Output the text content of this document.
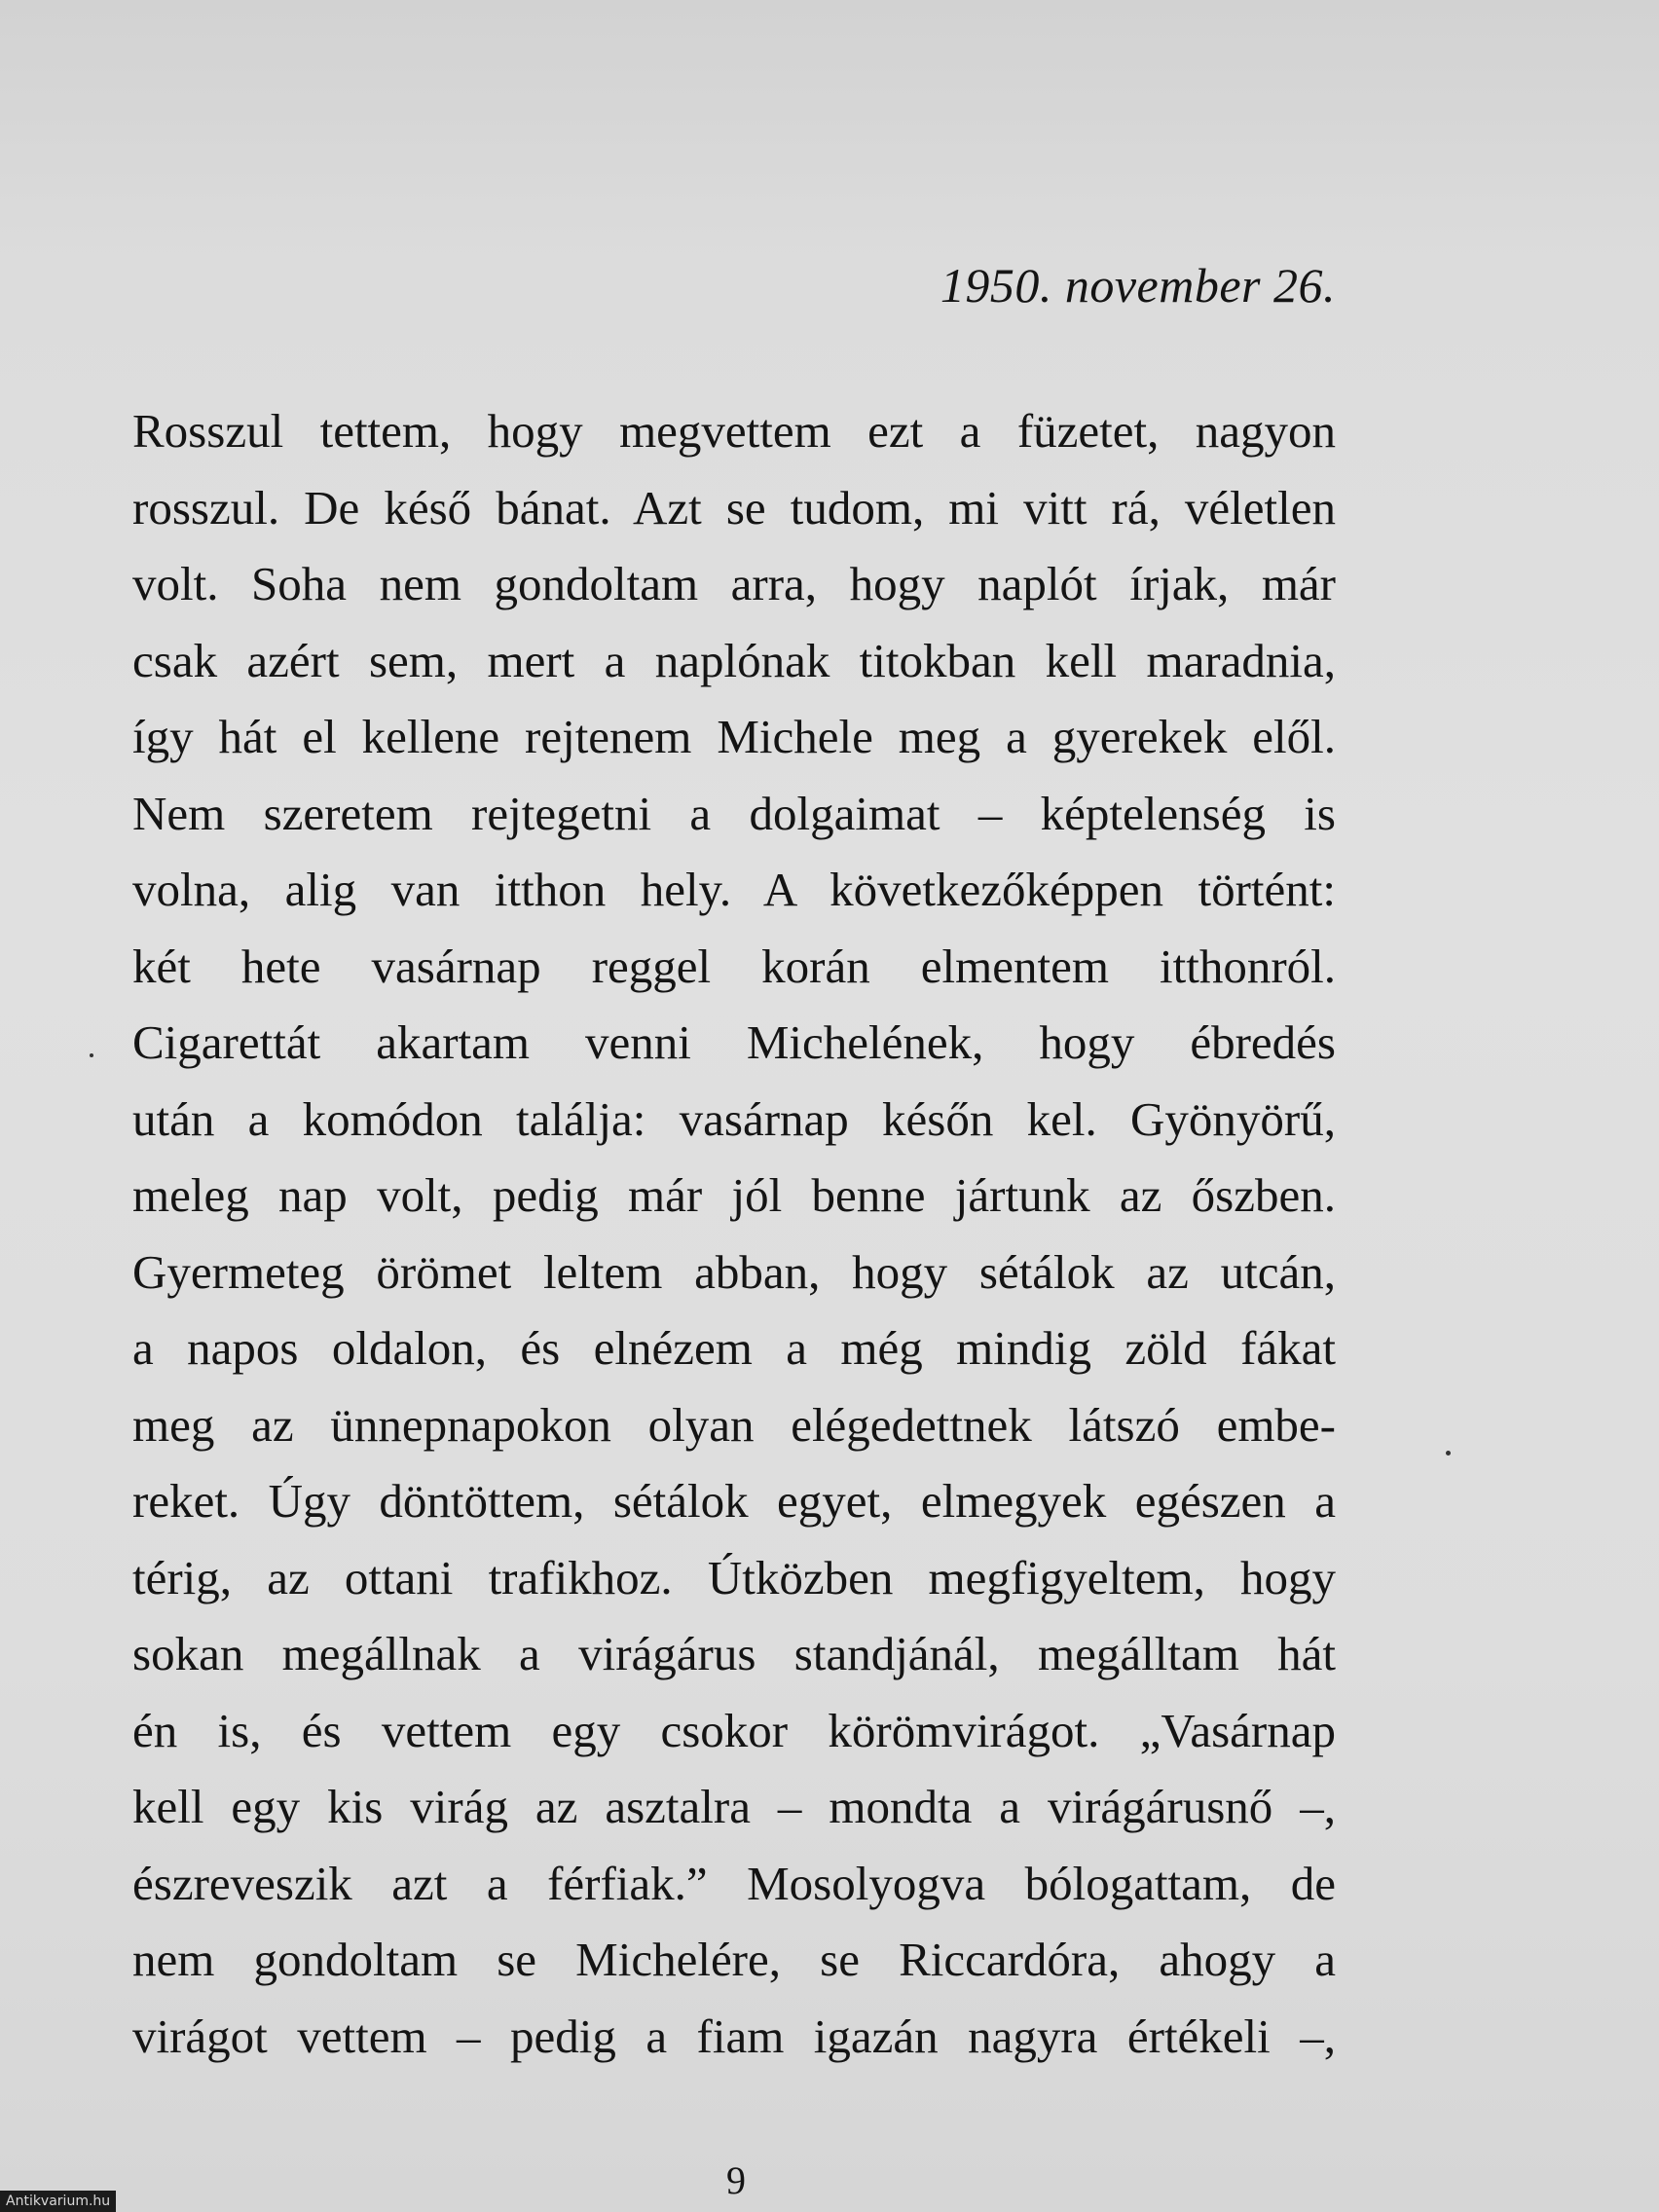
1950. november 26.
Rosszul tettem, hogy megvettem ezt a füzetet, nagyon
rosszul. De késő bánat. Azt se tudom, mi vitt rá, véletlen
volt. Soha nem gondoltam arra, hogy naplót írjak, már
csak azért sem, mert a naplónak titokban kell maradnia,
így hát el kellene rejtenem Michele meg a gyerekek elől.
Nem szeretem rejtegetni a dolgaimat – képtelenség is
volna, alig van itthon hely. A következőképpen történt:
két hete vasárnap reggel korán elmentem itthonról.
Cigarettát akartam venni Michelének, hogy ébredés
után a komódon találja: vasárnap későn kel. Gyönyörű,
meleg nap volt, pedig már jól benne jártunk az őszben.
Gyermeteg örömet leltem abban, hogy sétálok az utcán,
a napos oldalon, és elnézem a még mindig zöld fákat
meg az ünnepnapokon olyan elégedettnek látszó embe-
reket. Úgy döntöttem, sétálok egyet, elmegyek egészen a
térig, az ottani trafikhoz. Útközben megfigyeltem, hogy
sokan megállnak a virágárus standjánál, megálltam hát
én is, és vettem egy csokor körömvirágot. „Vasárnap
kell egy kis virág az asztalra – mondta a virágárusnő –,
észreveszik azt a férfiak.” Mosolyogva bólogattam, de
nem gondoltam se Michelére, se Riccardóra, ahogy a
virágot vettem – pedig a fiam igazán nagyra értékeli –,
9
Antikvarium.hu
